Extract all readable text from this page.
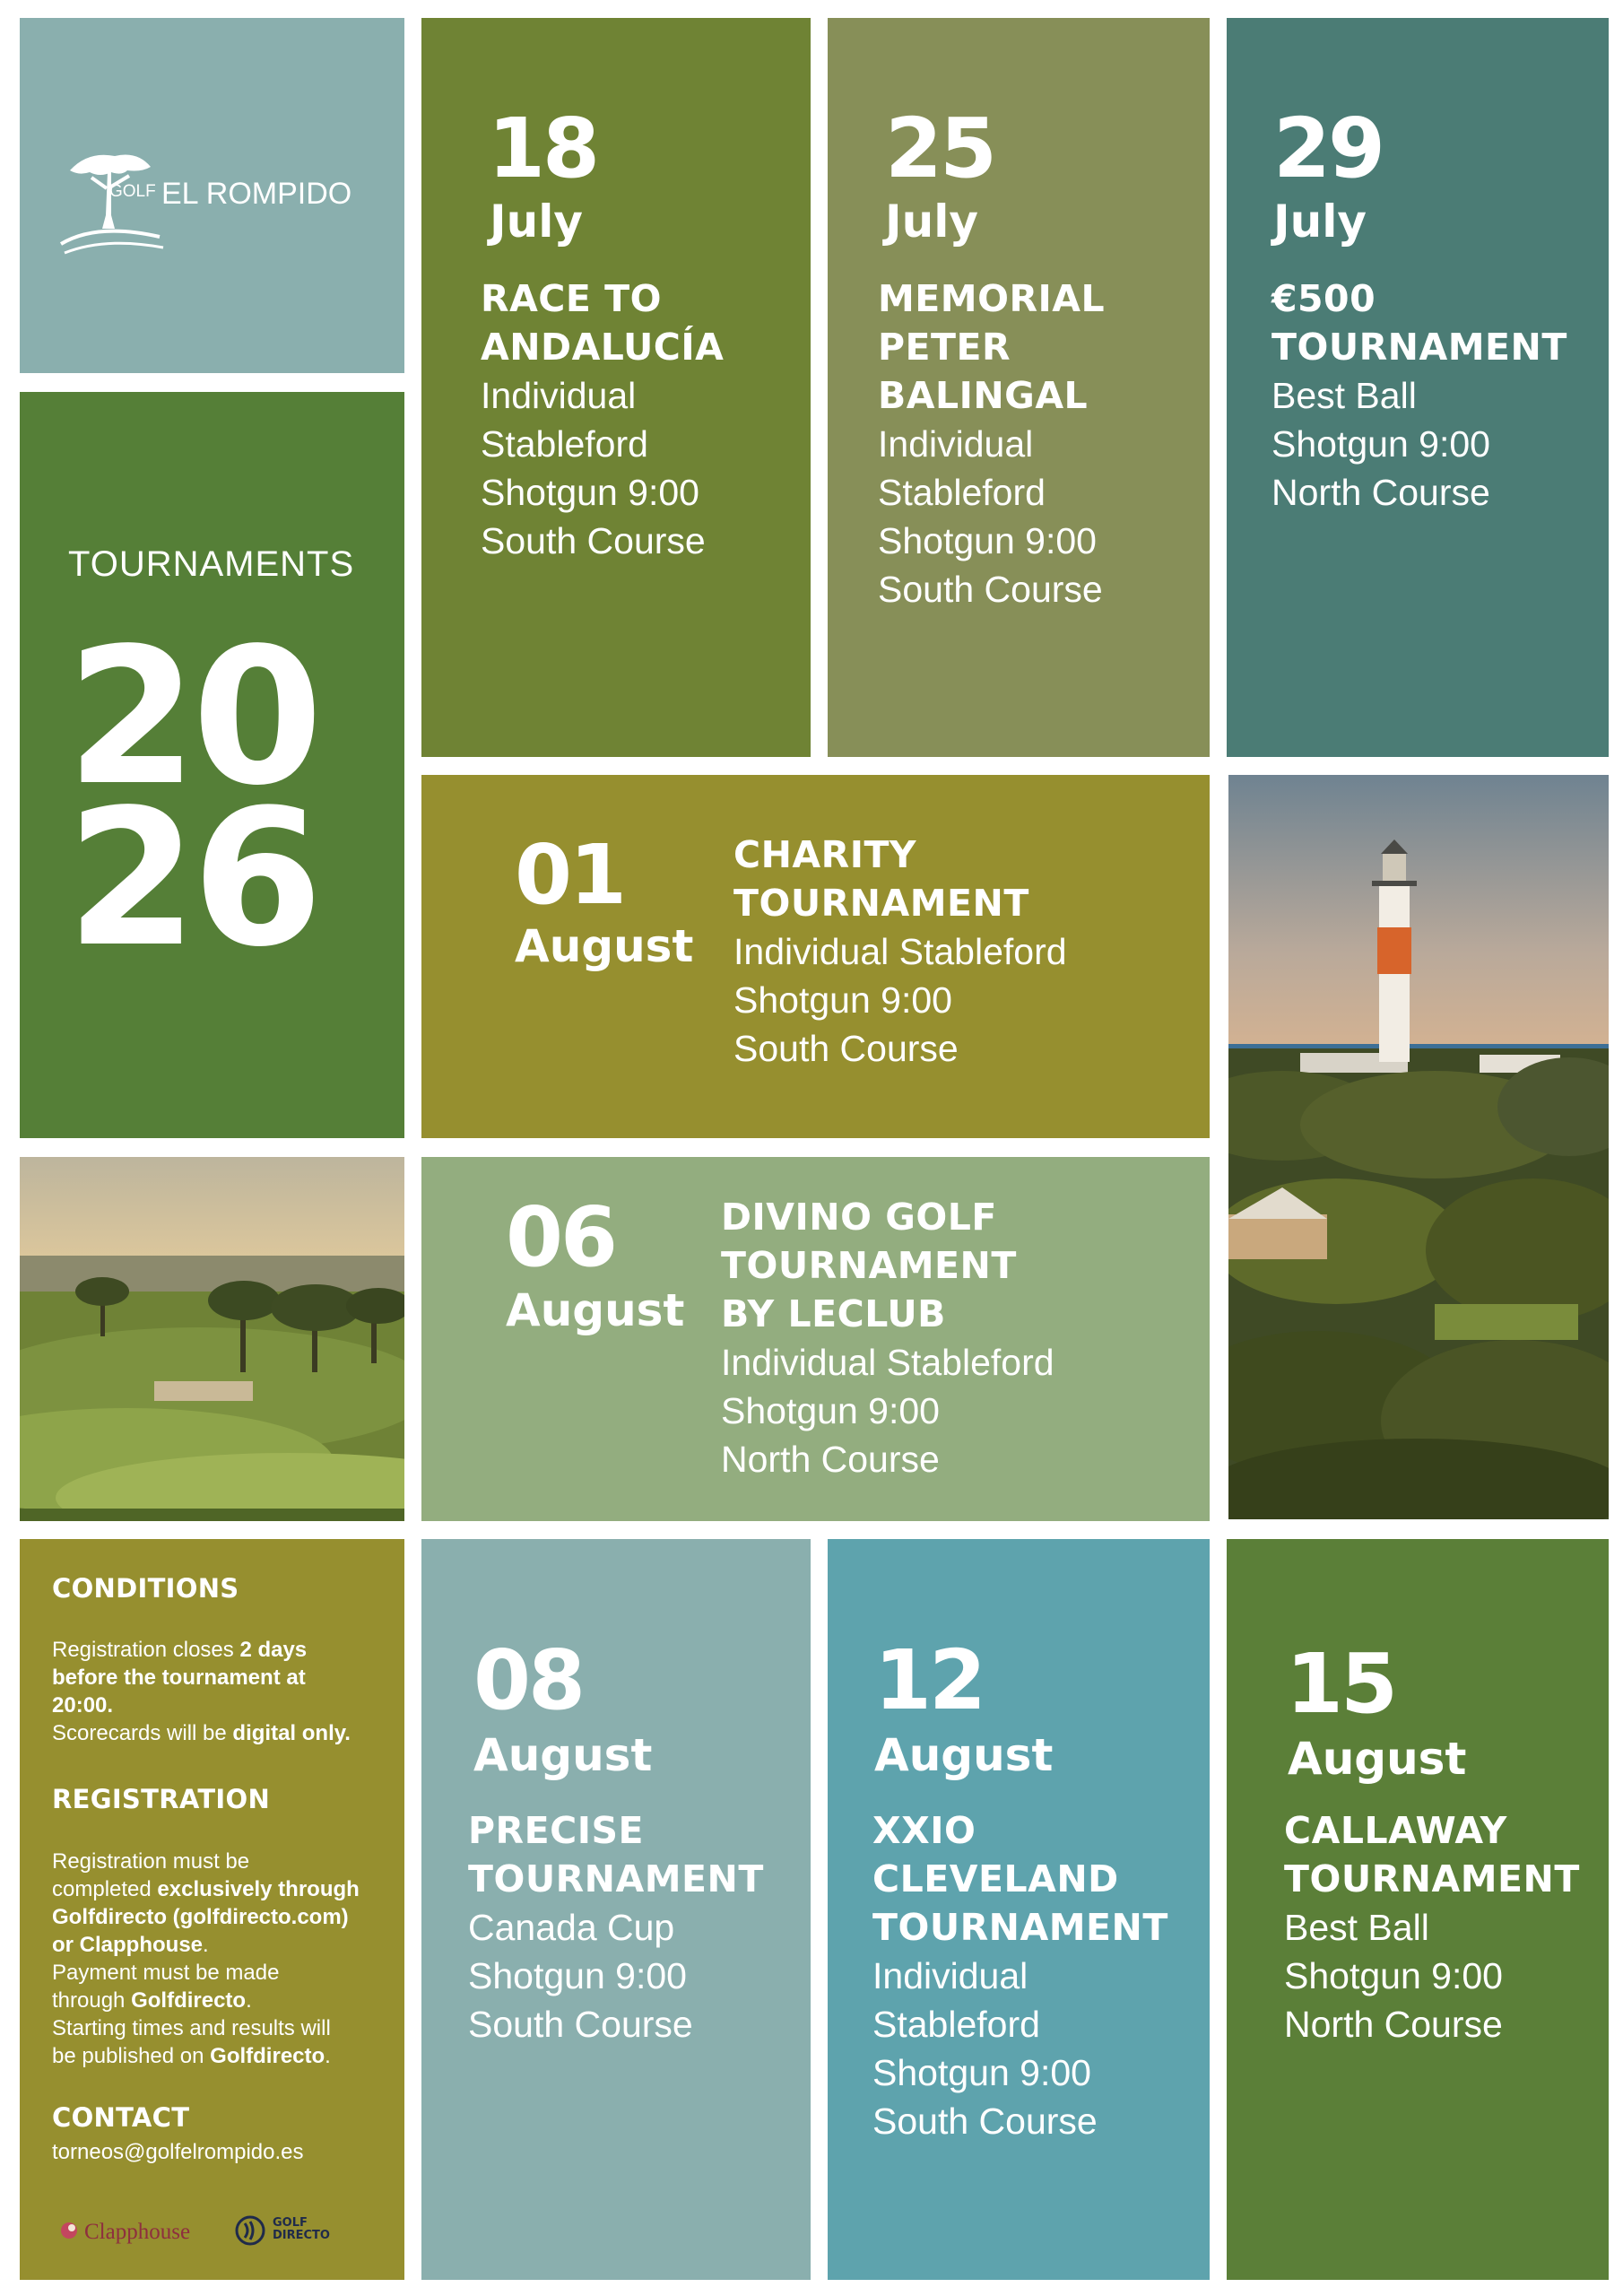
GOLF EL ROMPIDO
TOURNAMENTS
20
26
18
July
RACE TO
ANDALUCÍA
Individual
Stableford
Shotgun 9:00
South Course
25
July
MEMORIAL
PETER
BALINGAL
Individual
Stableford
Shotgun 9:00
South Course
29
July
€500
TOURNAMENT
Best Ball
Shotgun 9:00
North Course
01
August
CHARITY
TOURNAMENT
Individual Stableford
Shotgun 9:00
South Course
06
August
DIVINO GOLF
TOURNAMENT
BY LECLUB
Individual Stableford
Shotgun 9:00
North Course
CONDITIONS
Registration closes 2 days
before the tournament at
20:00.
Scorecards will be digital only.
REGISTRATION
Registration must be
completed exclusively through
Golfdirecto (golfdirecto.com)
or Clapphouse.
Payment must be made
through Golfdirecto.
Starting times and results will
be published on Golfdirecto.
CONTACT
torneos@golfelrompido.es
Clapphouse	GOLF
DIRECTO
08
August
PRECISE
TOURNAMENT
Canada Cup
Shotgun 9:00
South Course
12
August
XXIO
CLEVELAND
TOURNAMENT
Individual
Stableford
Shotgun 9:00
South Course
15
August
CALLAWAY
TOURNAMENT
Best Ball
Shotgun 9:00
North Course
